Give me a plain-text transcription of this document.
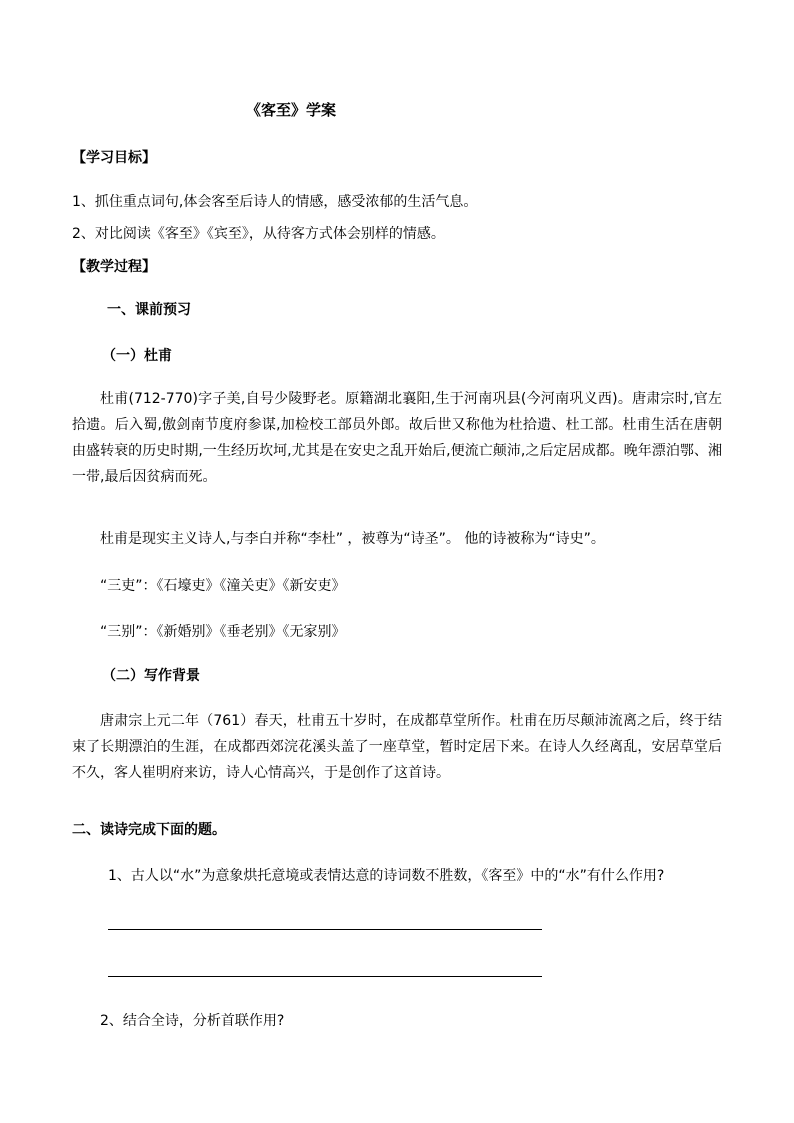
《客至》学案
【学习目标】
1、抓住重点词句,体会客至后诗人的情感，感受浓郁的生活气息。
2、对比阅读《客至》《宾至》，从待客方式体会别样的情感。
【教学过程】
一、课前预习
（一）杜甫
杜甫(712-770)字子美,自号少陵野老。原籍湖北襄阳,生于河南巩县(今河南巩义西)。唐肃宗时,官左拾遗。后入蜀,傲剑南节度府参谋,加检校工部员外郎。故后世又称他为杜拾遗、杜工部。杜甫生活在唐朝由盛转衰的历史时期,一生经历坎坷,尤其是在安史之乱开始后,便流亡颠沛,之后定居成都。晚年漂泊鄂、湘一带,最后因贫病而死。
杜甫是现实主义诗人,与李白并称“李杜” ，被尊为“诗圣”。 他的诗被称为“诗史”。
“三吏”：《石壕吏》《潼关吏》《新安吏》
“三别”：《新婚别》《垂老别》《无家别》
（二）写作背景
唐肃宗上元二年（761）春天，杜甫五十岁时，在成都草堂所作。杜甫在历尽颠沛流离之后，终于结束了长期漂泊的生涯，在成都西郊浣花溪头盖了一座草堂，暂时定居下来。在诗人久经离乱，安居草堂后不久，客人崔明府来访，诗人心情高兴，于是创作了这首诗。
二、读诗完成下面的题。
1、古人以“水”为意象烘托意境或表情达意的诗词数不胜数，《客至》中的“水”有什么作用?
2、结合全诗，分析首联作用?
